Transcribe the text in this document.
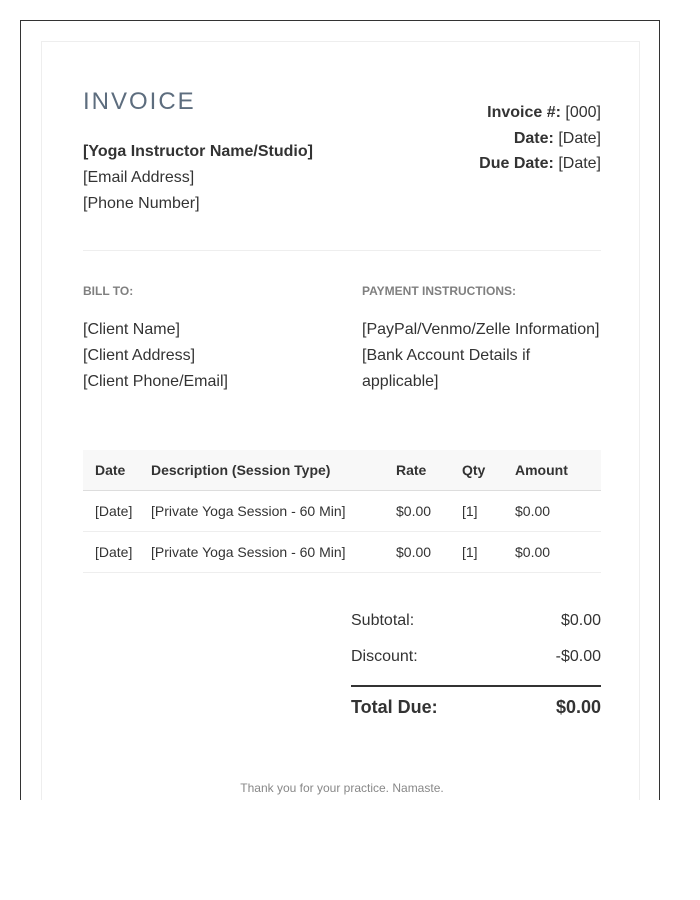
INVOICE
[Yoga Instructor Name/Studio]
[Email Address]
[Phone Number]
Invoice #: [000]
Date: [Date]
Due Date: [Date]
BILL TO:	PAYMENT INSTRUCTIONS:
[Client Name]
[Client Address]
[Client Phone/Email]
[PayPal/Venmo/Zelle Information]
[Bank Account Details if applicable]
Date	Description (Session Type)	Rate	Qty	Amount
[Date]	[Private Yoga Session - 60 Min]	$0.00	[1]	$0.00
[Date]	[Private Yoga Session - 60 Min]	$0.00	[1]	$0.00
Subtotal:	$0.00
Discount:	-$0.00
Total Due:	$0.00
Thank you for your practice. Namaste.
